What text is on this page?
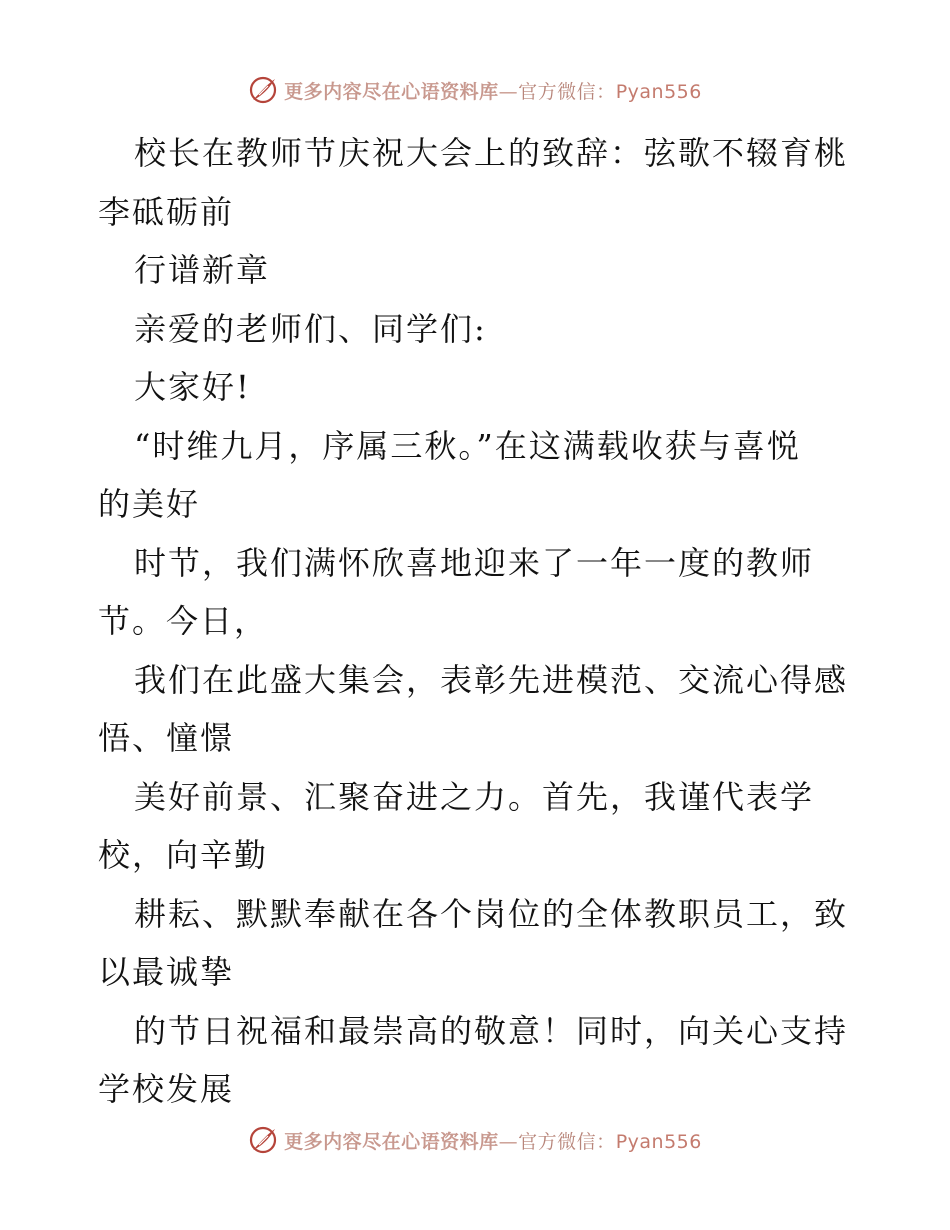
更多内容尽在心语资料库—官方微信：Pyan556
校长在教师节庆祝大会上的致辞：弦歌不辍育桃
李砥砺前
行谱新章
亲爱的老师们、同学们:
大家好!
“时维九月，序属三秋。”在这满载收获与喜悦
的美好
时节，我们满怀欣喜地迎来了一年一度的教师
节。今日，
我们在此盛大集会，表彰先进模范、交流心得感
悟、憧憬
美好前景、汇聚奋进之力。首先，我谨代表学
校，向辛勤
耕耘、默默奉献在各个岗位的全体教职员工，致
以最诚挚
的节日祝福和最崇高的敬意！同时，向关心支持
学校发展
更多内容尽在心语资料库—官方微信：Pyan556
